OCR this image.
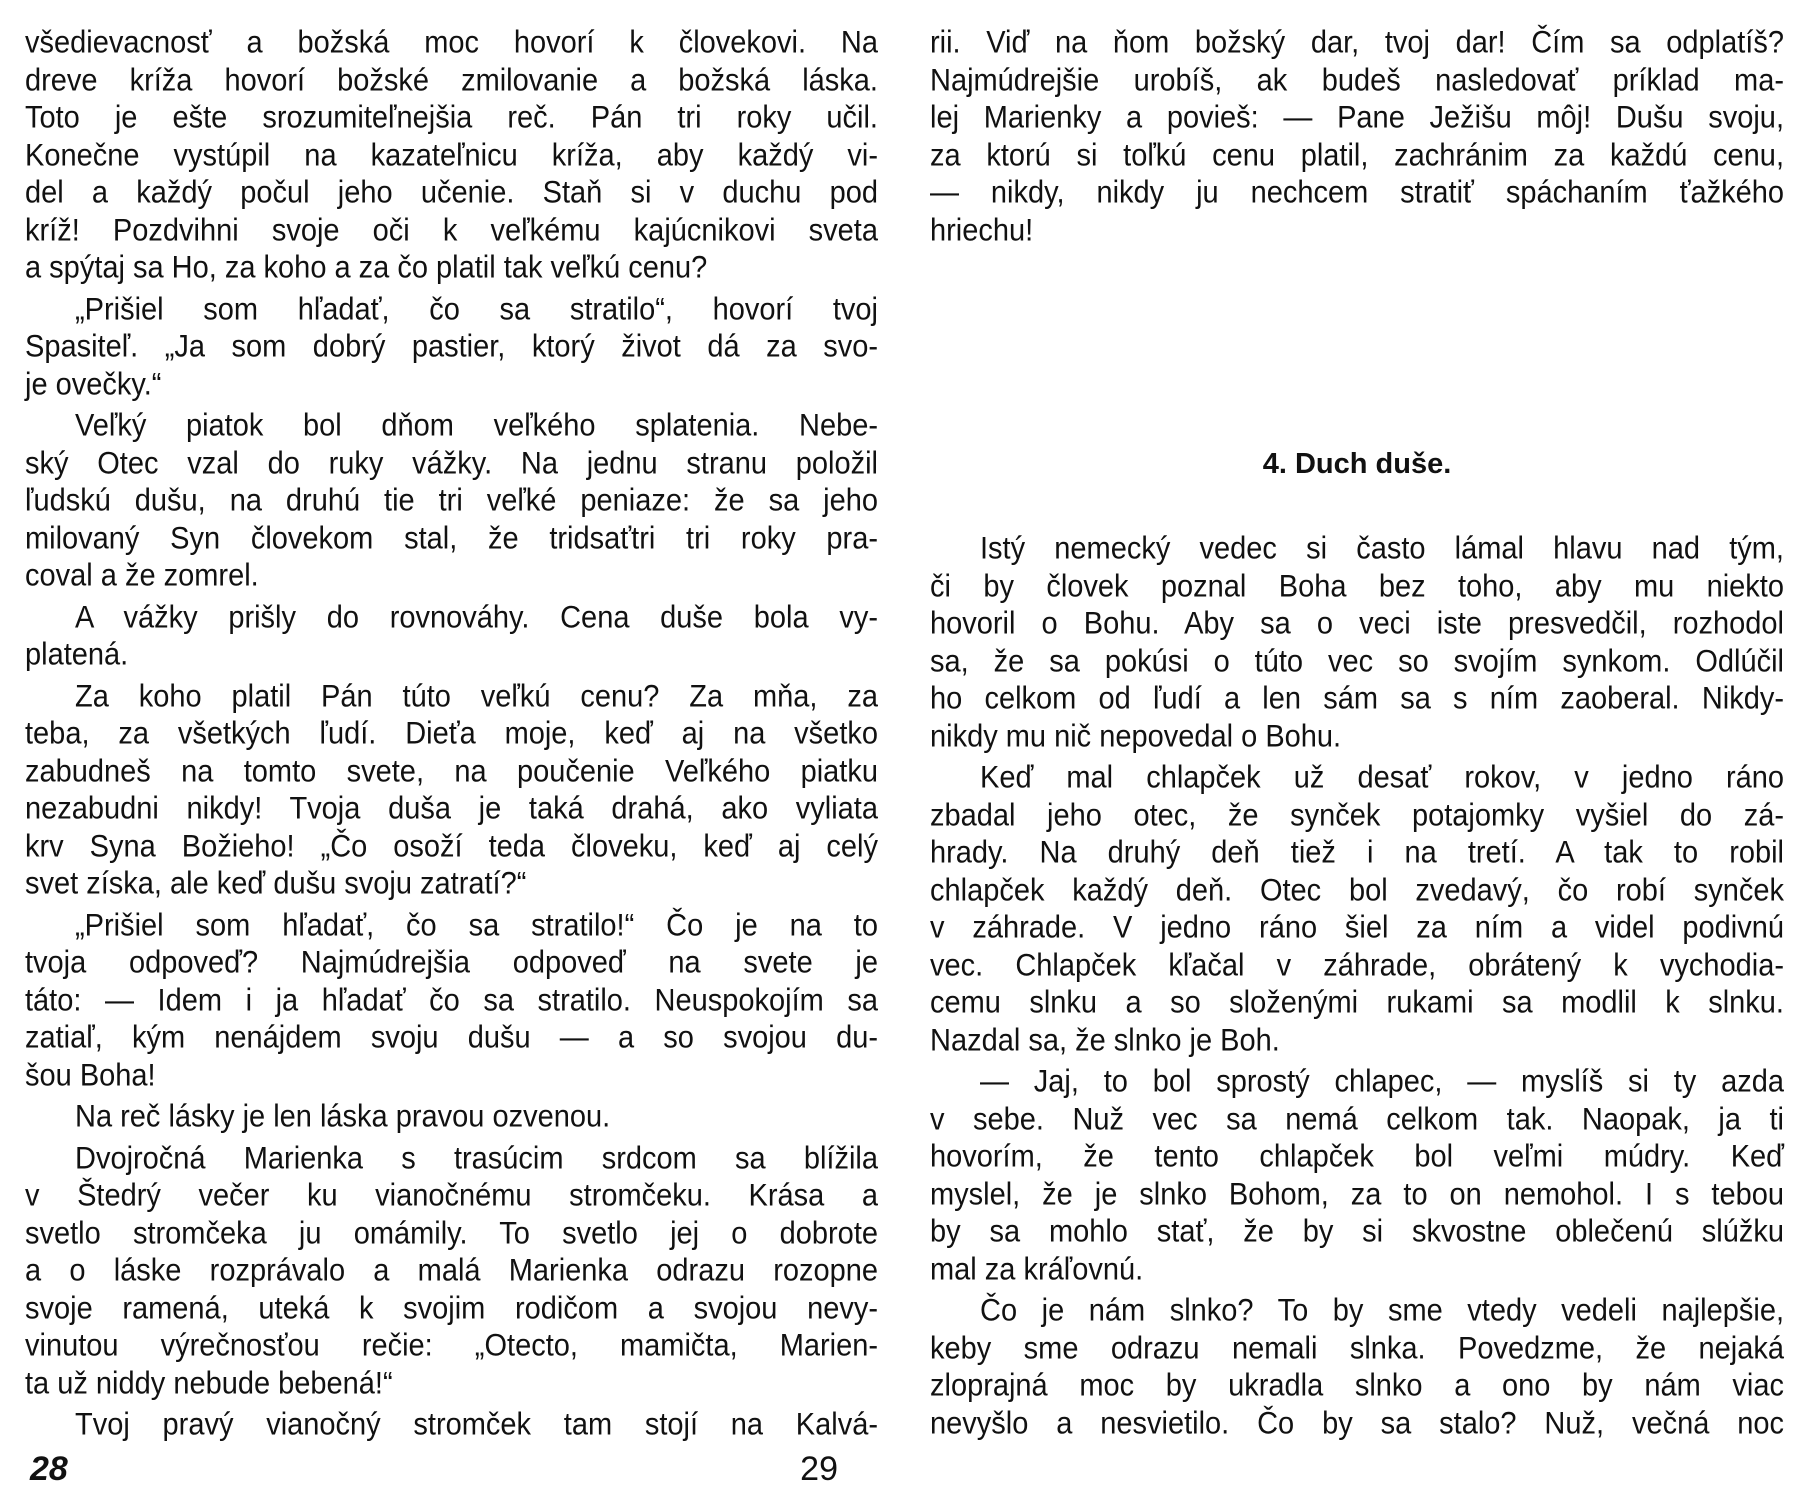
všedievacnosť a božská moc hovorí k človekovi. Na
dreve kríža hovorí božské zmilovanie a božská láska.
Toto je ešte srozumiteľnejšia reč. Pán tri roky učil.
Konečne vystúpil na kazateľnicu kríža, aby každý vi-
del a každý počul jeho učenie. Staň si v duchu pod
kríž! Pozdvihni svoje oči k veľkému kajúcnikovi sveta
a spýtaj sa Ho, za koho a za čo platil tak veľkú cenu?
„Prišiel som hľadať, čo sa stratilo“, hovorí tvoj
Spasiteľ. „Ja som dobrý pastier, ktorý život dá za svo-
je ovečky.“
Veľký piatok bol dňom veľkého splatenia. Nebe-
ský Otec vzal do ruky vážky. Na jednu stranu položil
ľudskú dušu, na druhú tie tri veľké peniaze: že sa jeho
milovaný Syn človekom stal, že tridsaťtri tri roky pra-
coval a že zomrel.
A vážky prišly do rovnováhy. Cena duše bola vy-
platená.
Za koho platil Pán túto veľkú cenu? Za mňa, za
teba, za všetkých ľudí. Dieťa moje, keď aj na všetko
zabudneš na tomto svete, na poučenie Veľkého piatku
nezabudni nikdy! Tvoja duša je taká drahá, ako vyliata
krv Syna Božieho! „Čo osoží teda človeku, keď aj celý
svet získa, ale keď dušu svoju zatratí?“
„Prišiel som hľadať, čo sa stratilo!“ Čo je na to
tvoja odpoveď? Najmúdrejšia odpoveď na svete je
táto: — Idem i ja hľadať čo sa stratilo. Neuspokojím sa
zatiaľ, kým nenájdem svoju dušu — a so svojou du-
šou Boha!
Na reč lásky je len láska pravou ozvenou.
Dvojročná Marienka s trasúcim srdcom sa blížila
v Štedrý večer ku vianočnému stromčeku. Krása a
svetlo stromčeka ju omámily. To svetlo jej o dobrote
a o láske rozprávalo a malá Marienka odrazu rozopne
svoje ramená, uteká k svojim rodičom a svojou nevy-
vinutou výrečnosťou rečie: „Otecto, mamičta, Marien-
ta už niddy nebude bebená!“
Tvoj pravý vianočný stromček tam stojí na Kalvá-
28
rii. Viď na ňom božský dar, tvoj dar! Čím sa odplatíš?
Najmúdrejšie urobíš, ak budeš nasledovať príklad ma-
lej Marienky a povieš: — Pane Ježišu môj! Dušu svoju,
za ktorú si toľkú cenu platil, zachránim za každú cenu,
— nikdy, nikdy ju nechcem stratiť spáchaním ťažkého
hriechu!
4. Duch duše.
Istý nemecký vedec si často lámal hlavu nad tým,
či by človek poznal Boha bez toho, aby mu niekto
hovoril o Bohu. Aby sa o veci iste presvedčil, rozhodol
sa, že sa pokúsi o túto vec so svojím synkom. Odlúčil
ho celkom od ľudí a len sám sa s ním zaoberal. Nikdy-
nikdy mu nič nepovedal o Bohu.
Keď mal chlapček už desať rokov, v jedno ráno
zbadal jeho otec, že synček potajomky vyšiel do zá-
hrady. Na druhý deň tiež i na tretí. A tak to robil
chlapček každý deň. Otec bol zvedavý, čo robí synček
v záhrade. V jedno ráno šiel za ním a videl podivnú
vec. Chlapček kľačal v záhrade, obrátený k vychodia-
cemu slnku a so složenými rukami sa modlil k slnku.
Nazdal sa, že slnko je Boh.
— Jaj, to bol sprostý chlapec, — myslíš si ty azda
v sebe. Nuž vec sa nemá celkom tak. Naopak, ja ti
hovorím, že tento chlapček bol veľmi múdry. Keď
myslel, že je slnko Bohom, za to on nemohol. I s tebou
by sa mohlo stať, že by si skvostne oblečenú slúžku
mal za kráľovnú.
Čo je nám slnko? To by sme vtedy vedeli najlepšie,
keby sme odrazu nemali slnka. Povedzme, že nejaká
zloprajná moc by ukradla slnko a ono by nám viac
nevyšlo a nesvietilo. Čo by sa stalo? Nuž, večná noc
29
